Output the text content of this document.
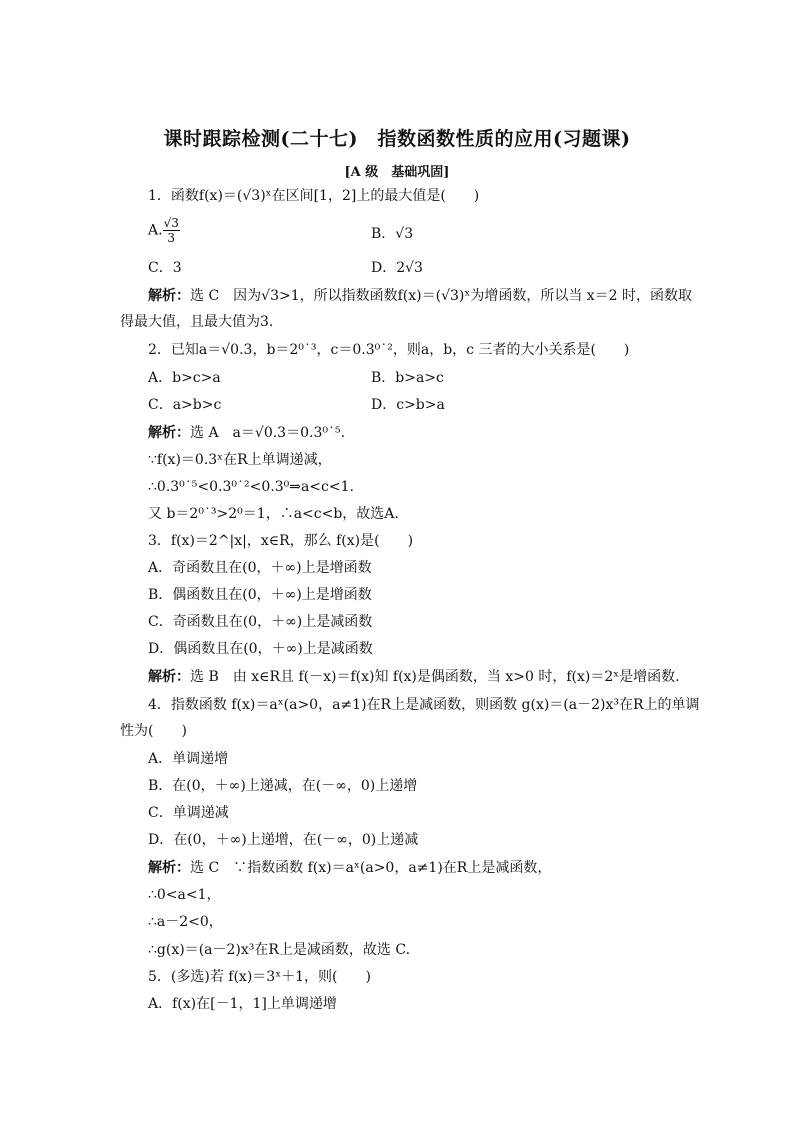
课时跟踪检测(二十七)　指数函数性质的应用(习题课)
[A 级　基础巩固]
1．函数f(x)＝(√3)ˣ在区间[1，2]上的最大值是(　　)
A. $\frac{√3}{3}$	B．√3
C．3	D．2√3
解析：选 C　因为√3>1，所以指数函数f(x)＝(√3)ˣ为增函数，所以当 x＝2 时，函数取
得最大值，且最大值为3.
2．已知a＝√0.3，b＝2⁰˙³，c＝0.3⁰˙²，则a，b，c 三者的大小关系是(　　)
A．b>c>a	B．b>a>c
C．a>b>c	D．c>b>a
解析：选 A　a＝√0.3＝0.3⁰˙⁵.
∵f(x)＝0.3ˣ在R上单调递减，
∴0.3⁰˙⁵<0.3⁰˙²<0.3⁰⇒a<c<1.
又 b＝2⁰˙³>2⁰＝1，∴a<c<b，故选A.
3．f(x)＝2^|x|，x∈R，那么 f(x)是(　　)
A．奇函数且在(0，＋∞)上是增函数
B．偶函数且在(0，＋∞)上是增函数
C．奇函数且在(0，＋∞)上是减函数
D．偶函数且在(0，＋∞)上是减函数
解析：选 B　由 x∈R且 f(－x)＝f(x)知 f(x)是偶函数，当 x>0 时，f(x)＝2ˣ是增函数.
4．指数函数 f(x)＝aˣ(a>0，a≠1)在R上是减函数，则函数 g(x)＝(a－2)x³在R上的单调
性为(　　)
A．单调递增
B．在(0，＋∞)上递减，在(－∞，0)上递增
C．单调递减
D．在(0，＋∞)上递增，在(－∞，0)上递减
解析：选 C　∵指数函数 f(x)＝aˣ(a>0，a≠1)在R上是减函数，
∴0<a<1，
∴a－2<0，
∴g(x)＝(a－2)x³在R上是减函数，故选 C.
5．(多选)若 f(x)＝3ˣ＋1，则(　　)
A．f(x)在[－1，1]上单调递增
